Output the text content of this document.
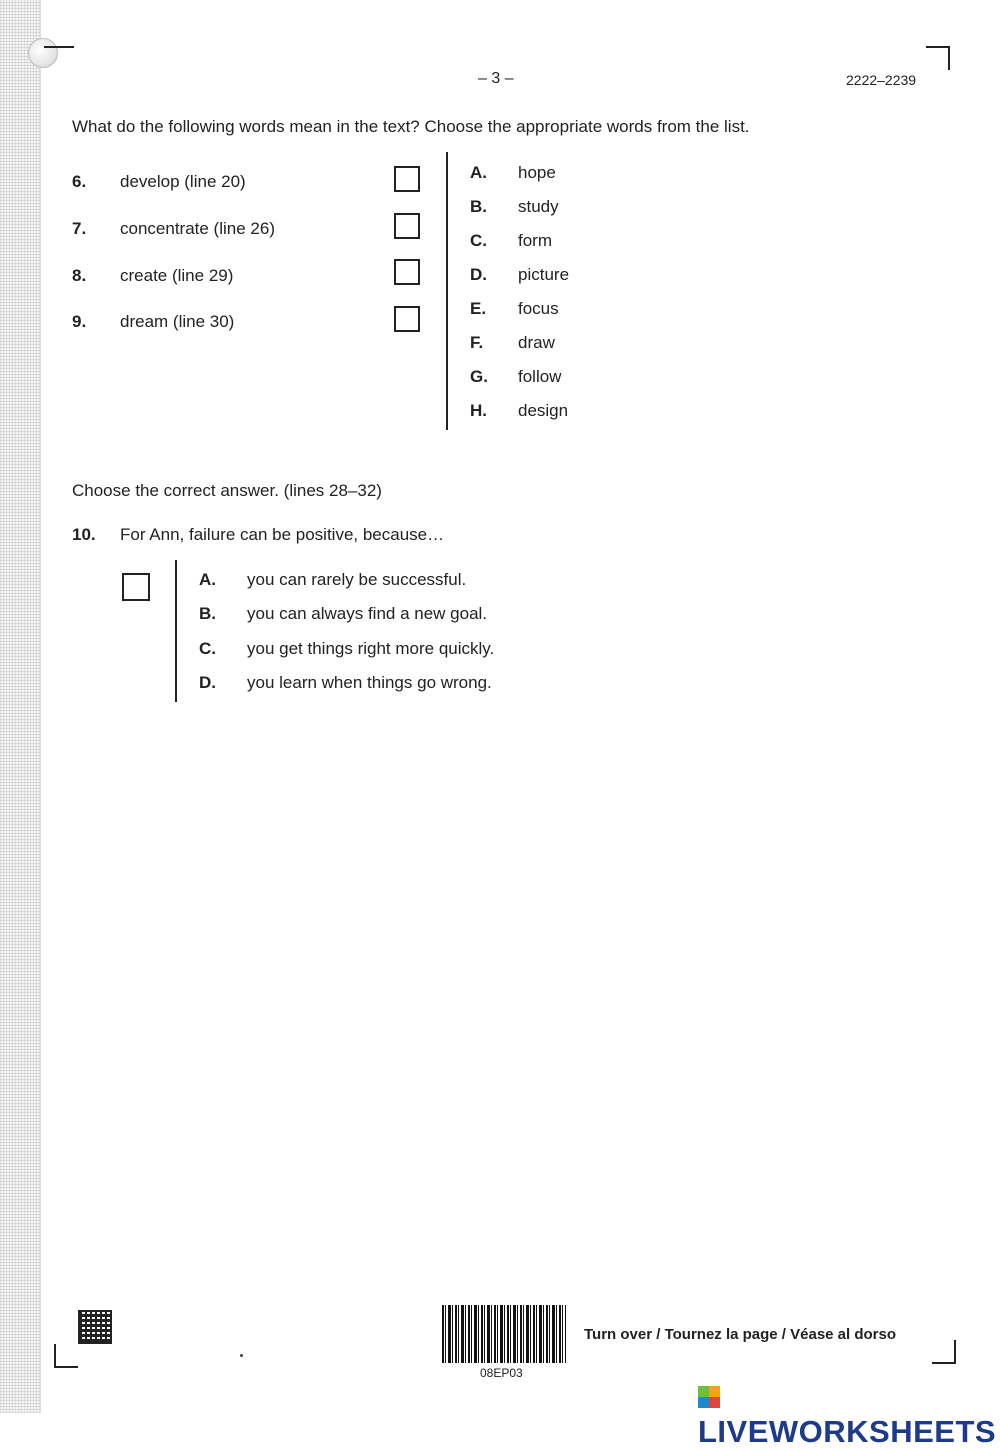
– 3 –	2222–2239
What do the following words mean in the text? Choose the appropriate words from the list.
6. develop (line 20)
7. concentrate (line 26)
8. create (line 29)
9. dream (line 30)
A. hope
B. study
C. form
D. picture
E. focus
F. draw
G. follow
H. design
Choose the correct answer. (lines 28–32)
10. For Ann, failure can be positive, because…
A. you can rarely be successful.
B. you can always find a new goal.
C. you get things right more quickly.
D. you learn when things go wrong.
08EP03
Turn over / Tournez la page / Véase al dorso
LIVEWORKSHEETS
